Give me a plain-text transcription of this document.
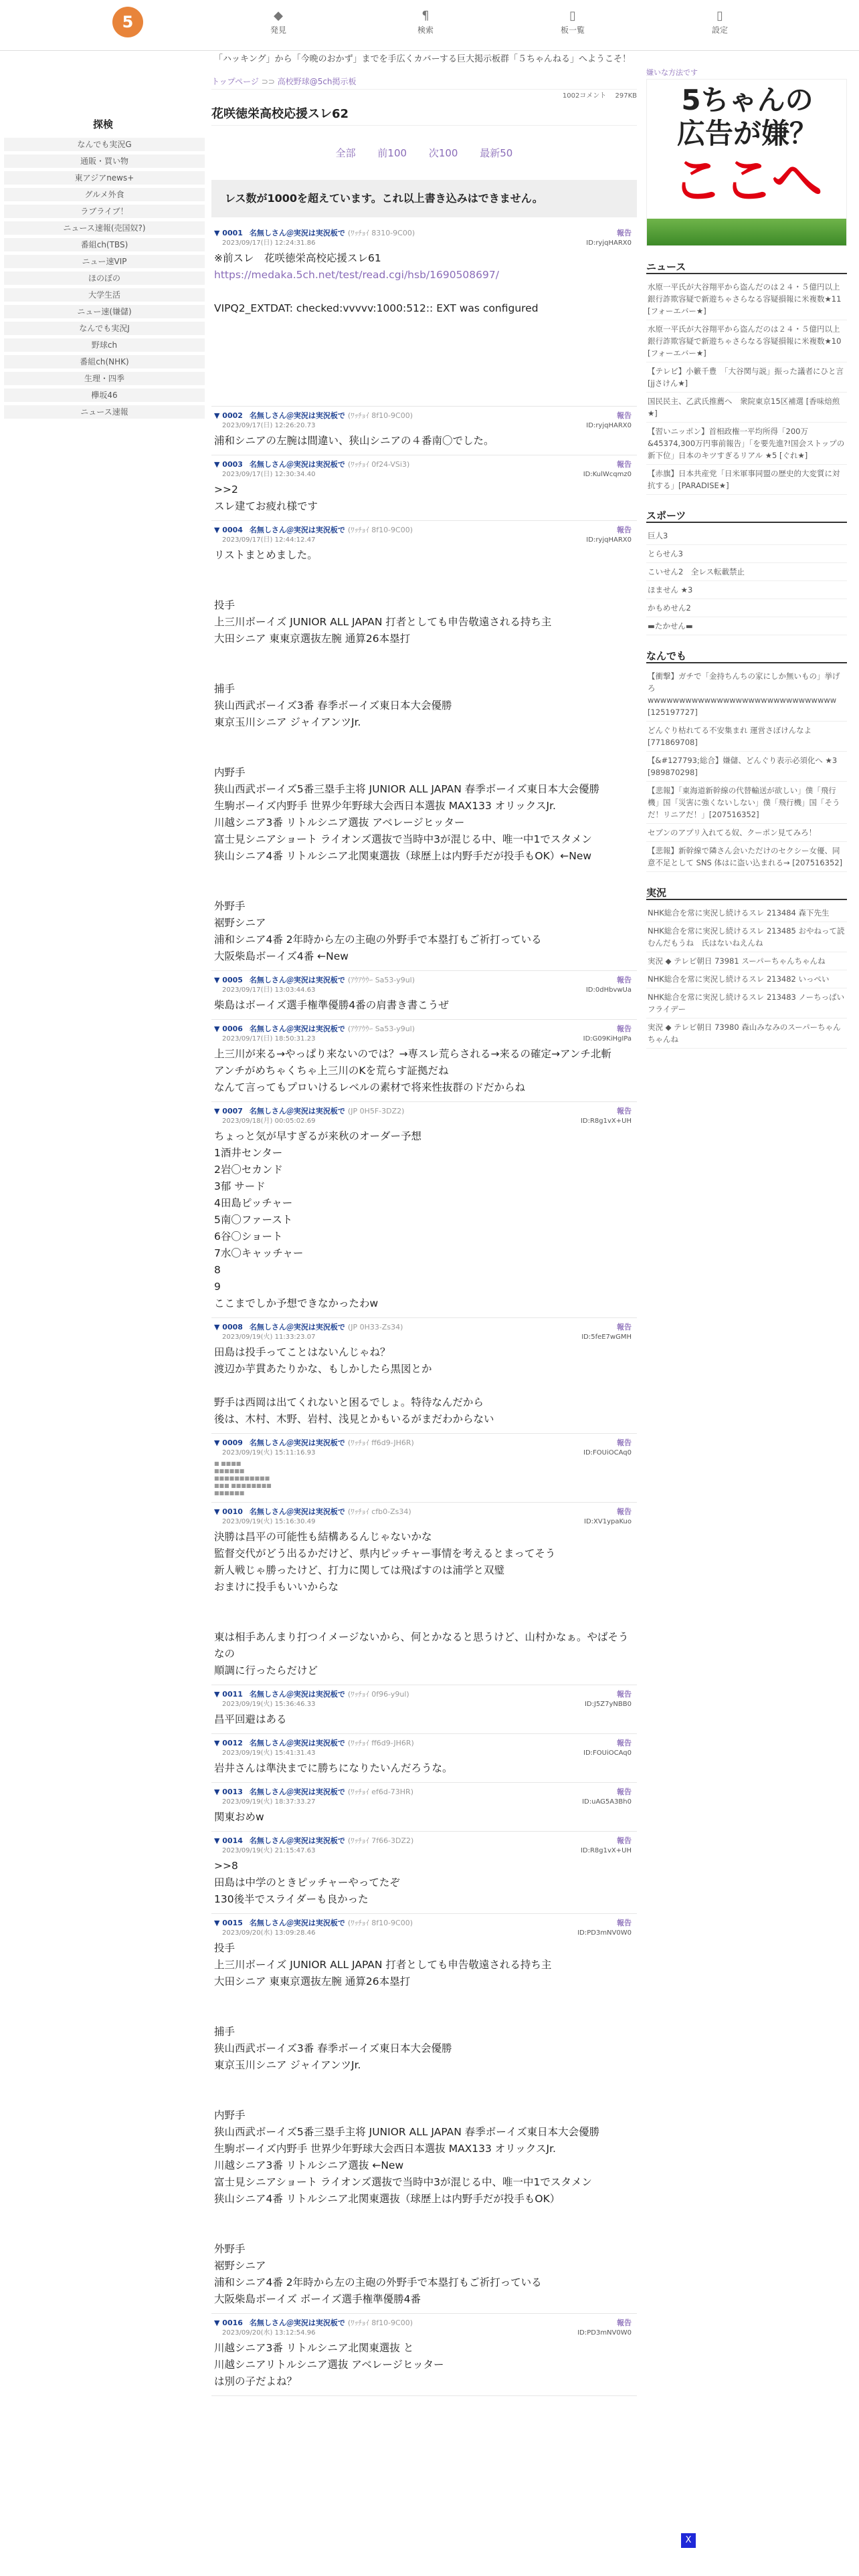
5	◆
発見
¶
検索
▯
板一覧
▯
設定
「ハッキング」から「今晩のおかず」までを手広くカバーする巨大掲示板群「５ちゃんねる」へようこそ！
探検
なんでも実況G
通販・買い物
東アジアnews+
グルメ外食
ラブライブ！
ニュース速報(売国奴?)
番組ch(TBS)
ニュー速VIP
ほのぼの
大学生活
ニュー速(嫌儲)
なんでも実況J
野球ch
番組ch(NHK)
生理・四季
欅坂46
ニュース速報
トップページ ⊃⊃ 高校野球@5ch掲示板
1002コメント　 297KB
花咲徳栄高校応援スレ62
全部 前100 次100 最新50
レス数が1000を超えています。これ以上書き込みはできません。
▼ 0001 名無しさん＠実況は実況板で (ﾜｯﾁｮｲ 8310-9C00)	報告
2023/09/17(日) 12:24:31.86	ID:ryjqHARX0
※前スレ　花咲徳栄高校応援スレ61
https://medaka.5ch.net/test/read.cgi/hsb/1690508697/

VIPQ2_EXTDAT: checked:vvvvv:1000:512:: EXT was configured

▼ 0002 名無しさん＠実況は実況板で (ﾜｯﾁｮｲ 8f10-9C00)	報告
2023/09/17(日) 12:26:20.73	ID:ryjqHARX0
浦和シニアの左腕は間違い、狭山シニアの４番南〇でした。
▼ 0003 名無しさん＠実況は実況板で (ﾜｯﾁｮｲ 0f24-VSi3)	報告
2023/09/17(日) 12:30:34.40	ID:KulWcqmz0
>>2
スレ建てお疲れ様です
▼ 0004 名無しさん＠実況は実況板で (ﾜｯﾁｮｲ 8f10-9C00)	報告
2023/09/17(日) 12:44:12.47	ID:ryjqHARX0
リストまとめました。

投手
上三川ボーイズ JUNIOR ALL JAPAN 打者としても申告敬遠される持ち主
大田シニア 東東京選抜左腕 通算26本塁打

捕手
狭山西武ボーイズ3番 春季ボーイズ東日本大会優勝
東京玉川シニア ジャイアンツJr.

内野手
狭山西武ボーイズ5番三塁手主将 JUNIOR ALL JAPAN 春季ボーイズ東日本大会優勝
生駒ボーイズ内野手 世界少年野球大会西日本選抜 MAX133 オリックスJr.
川越シニア3番 リトルシニア選抜 アベレージヒッター
富士見シニアショート ライオンズ選抜で当時中3が混じる中、唯一中1でスタメン
狭山シニア4番 リトルシニア北関東選抜（球歴上は内野手だが投手もOK）←New

外野手
裾野シニア
浦和シニア4番 2年時から左の主砲の外野手で本塁打もご祈打っている
大阪柴島ボーイズ4番 ←New
▼ 0005 名無しさん＠実況は実況板で (ｱｳｱｳｳｰ Sa53-y9ul)	報告
2023/09/17(日) 13:03:44.63	ID:0dHbvwUa
柴島はボーイズ選手権準優勝4番の肩書き書こうぜ
▼ 0006 名無しさん＠実況は実況板で (ｱｳｱｳｳｰ Sa53-y9ul)	報告
2023/09/17(日) 18:50:31.23	ID:G09KiHgIPa
上三川が来る→やっぱり来ないのでは？→専スレ荒らされる→来るの確定→アンチ北斬
アンチがめちゃくちゃ上三川のKを荒らす証拠だね
なんて言ってもプロいけるレベルの素材で将来性抜群のドだからね
▼ 0007 名無しさん＠実況は実況板で (JP 0H5F-3DZ2)	報告
2023/09/18(月) 00:05:02.69	ID:R8g1vX+UH
ちょっと気が早すぎるが来秋のオーダー予想
1酒井センター
2岩〇セカンド
3郁 サード
4田島ピッチャー
5南〇ファースト
6谷〇ショート
7水〇キャッチャー
8
9
ここまでしか予想できなかったわw
▼ 0008 名無しさん＠実況は実況板で (JP 0H33-Zs34)	報告
2023/09/19(火) 11:33:23.07	ID:5feE7wGMH
田島は投手ってことはないんじゃね？
渡辺か芋貫あたりかな、もしかしたら黒図とか

野手は西岡は出てくれないと困るでしょ。特待なんだから
後は、木村、木野、岩村、浅見とかもいるがまだわからない
▼ 0009 名無しさん＠実況は実況板で (ﾜｯﾁｮｲ ff6d9-JH6R)	報告
2023/09/19(火) 15:11:16.93	ID:FOUiOCAq0
■ ■■■■
■■■■■■
■■■■■■■■■■■
■■■ ■■■■■■■■
■■■■■■
▼ 0010 名無しさん＠実況は実況板で (ﾜｯﾁｮｲ cfb0-Zs34)	報告
2023/09/19(火) 15:16:30.49	ID:XV1ypaKuo
決勝は昌平の可能性も結構あるんじゃないかな
監督交代がどう出るかだけど、県内ピッチャー事情を考えるとまってそう
新人戦じゃ勝ったけど、打力に関しては飛ばすのは浦学と双璧
おまけに投手もいいからな

東は相手あんまり打つイメージないから、何とかなると思うけど、山村かなぁ。やばそうなの
順調に行ったらだけど
▼ 0011 名無しさん＠実況は実況板で (ﾜｯﾁｮｲ 0f96-y9ul)	報告
2023/09/19(火) 15:36:46.33	ID:J5Z7yNBB0
昌平回避はある
▼ 0012 名無しさん＠実況は実況板で (ﾜｯﾁｮｲ ff6d9-JH6R)	報告
2023/09/19(火) 15:41:31.43	ID:FOUiOCAq0
岩井さんは準決までに勝ちになりたいんだろうな。
▼ 0013 名無しさん＠実況は実況板で (ﾜｯﾁｮｲ ef6d-73HR)	報告
2023/09/19(火) 18:37:33.27	ID:uAG5A3Bh0
関東おめw
▼ 0014 名無しさん＠実況は実況板で (ﾜｯﾁｮｲ 7f66-3DZ2)	報告
2023/09/19(火) 21:15:47.63	ID:R8g1vX+UH
>>8
田島は中学のときピッチャーやってたぞ
130後半でスライダーも良かった
▼ 0015 名無しさん＠実況は実況板で (ﾜｯﾁｮｲ 8f10-9C00)	報告
2023/09/20(水) 13:09:28.46	ID:PD3mNV0W0
投手
上三川ボーイズ JUNIOR ALL JAPAN 打者としても申告敬遠される持ち主
大田シニア 東東京選抜左腕 通算26本塁打

捕手
狭山西武ボーイズ3番 春季ボーイズ東日本大会優勝
東京玉川シニア ジャイアンツJr.

内野手
狭山西武ボーイズ5番三塁手主将 JUNIOR ALL JAPAN 春季ボーイズ東日本大会優勝
生駒ボーイズ内野手 世界少年野球大会西日本選抜 MAX133 オリックスJr.
川越シニア3番 リトルシニア選抜 ←New
富士見シニアショート ライオンズ選抜で当時中3が混じる中、唯一中1でスタメン
狭山シニア4番 リトルシニア北関東選抜（球歴上は内野手だが投手もOK）

外野手
裾野シニア
浦和シニア4番 2年時から左の主砲の外野手で本塁打もご祈打っている
大阪柴島ボーイズ ボーイズ選手権準優勝4番
▼ 0016 名無しさん＠実況は実況板で (ﾜｯﾁｮｲ 8f10-9C00)	報告
2023/09/20(水) 13:12:54.96	ID:PD3mNV0W0
川越シニア3番 リトルシニア北関東選抜 と
川越シニアリトルシニア選抜 アベレージヒッター
は別の子だよね？
嫌いな方法です
5ちゃんの
広告が嫌？
ここへ
ニュース
水原一平氏が大谷翔平から盗んだのは２４・５億円以上　銀行詐欺容疑で新遊ちゃさらなる容疑損報に米複数★11 [フォーエバー★]
水原一平氏が大谷翔平から盗んだのは２４・５億円以上　銀行詐欺容疑で新遊ちゃさらなる容疑損報に米複数★10 [フォーエバー★]
【テレビ】小籔千豊　「大谷関与説」振った議者にひと言 [jjさけん★]
国民民主、乙武氏推薦へ　衆院東京15区補選 [香味焙煎★]
【習いニッポン】首相政権一平均所得「200万&45374,300万円事前報告」「を要先進?!国会ストップの新下位」日本のキツすぎるリアル ★5 [ぐれ★]
【赤旗】日本共産党「日米軍事同盟の歴史的大変質に対抗する」[PARADISE★]
スポーツ
巨人3
とらせん3
こいせん2　全レス転載禁止
ほません ★3
かもめせん2
▬たかせん▬
なんでも
【衝撃】ガチで「金持ちんちの家にしか無いもの」挙げろ wwwwwwwwwwwwwwwwwwwwwwwwwwwwww [125197727]
どんぐり枯れてる不安集まれ 運営さぼけんなよ [771869708]
【&#127793;総合】嫌儲、どんぐり表示必須化へ ★3 [989870298]
【悲報】「東海道新幹線の代替輸送が欲しい」僕「飛行機」国「災害に強くないしない」僕「飛行機」国「そうだ！リニアだ！」[207516352]
セブンのアプリ入れてる奴、クーポン見てみろ！
【悲報】新幹線で隣さん会いただけのセクシー女優、同意不足として SNS 体はに盗い込まれる→ [207516352]
実況
NHK総合を常に実況し続けるスレ 213484 森下先生
NHK総合を常に実況し続けるスレ 213485 おやねって読むんだもうね　氏はないねえんね
実況 ◆ テレビ朝日 73981 スーパーちゃんちゃんね
NHK総合を常に実況し続けるスレ 213482 いっぺい
NHK総合を常に実況し続けるスレ 213483 ノーちっぱいフライデー
実況 ◆ テレビ朝日 73980 森山みなみのスーパーちゃんちゃんね
X
